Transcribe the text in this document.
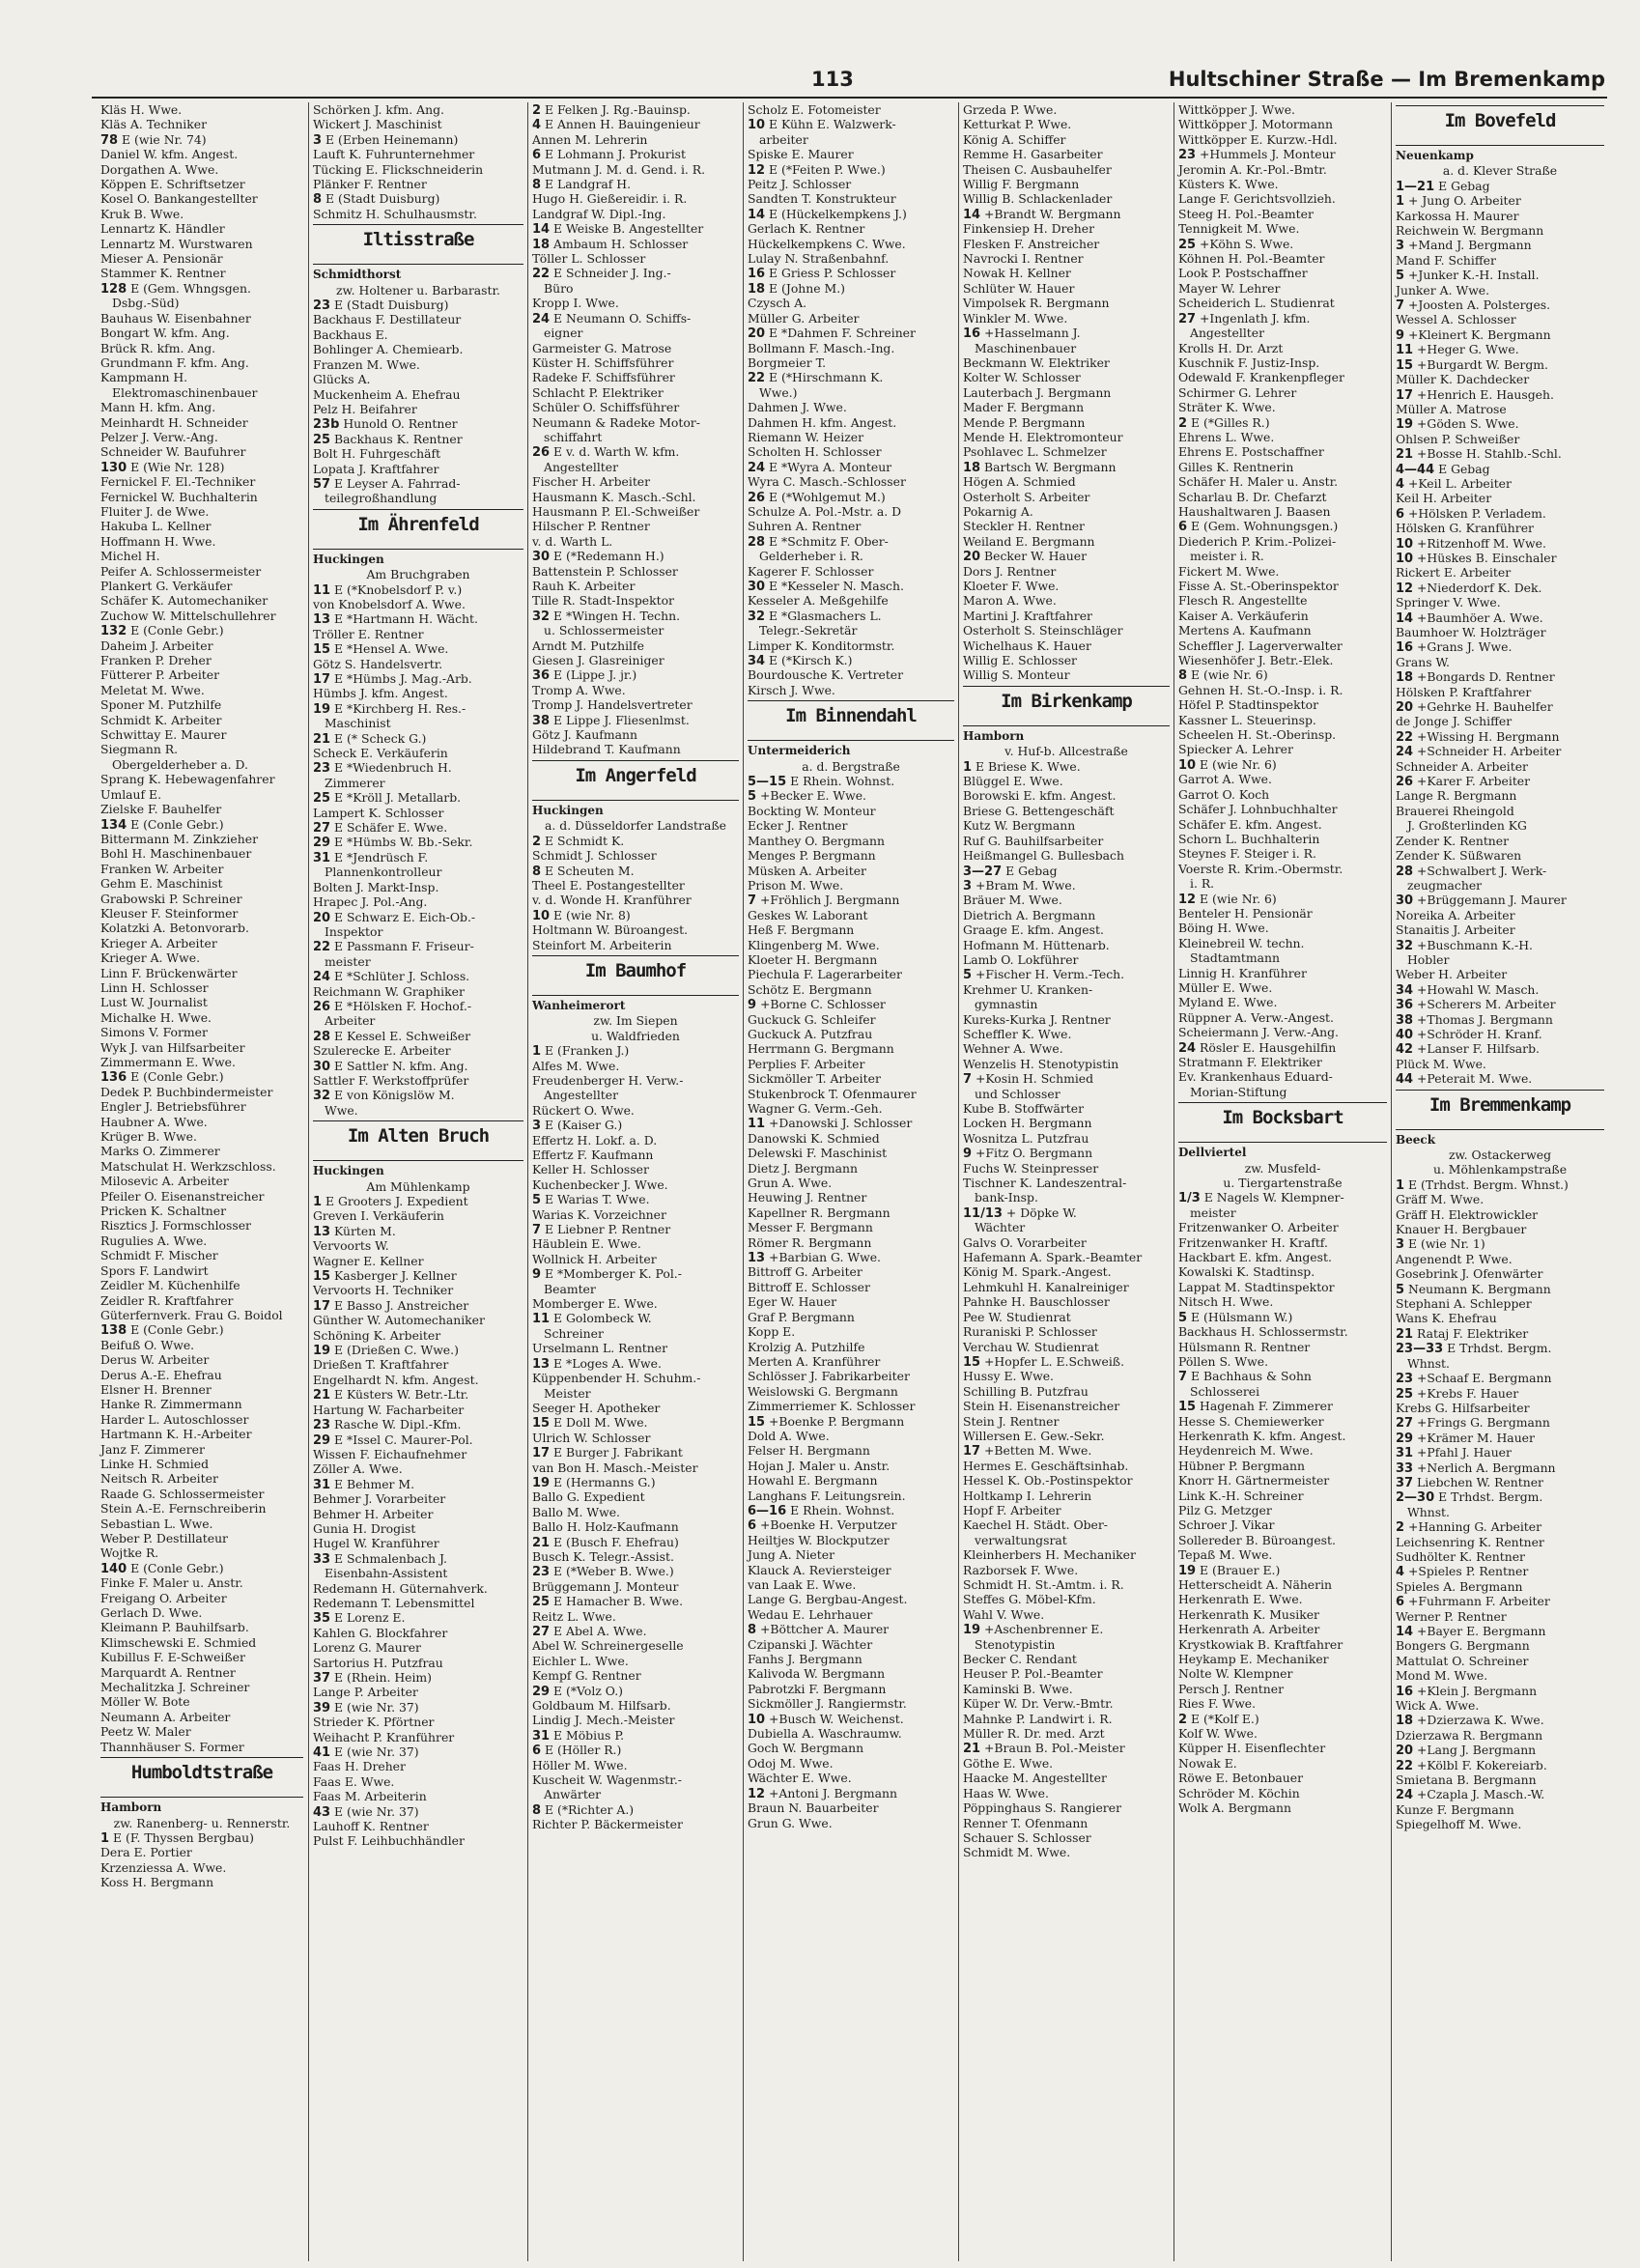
113	Hultschiner Straße — Im Bremenkamp
Kläs H. Wwe.
Kläs A. Techniker
78 E (wie Nr. 74)
Daniel W. kfm. Angest.
Dorgathen A. Wwe.
Köppen E. Schriftsetzer
Kosel O. Bankangestellter
Kruk B. Wwe.
Lennartz K. Händler
Lennartz M. Wurstwaren
Mieser A. Pensionär
Stammer K. Rentner
128 E (Gem. Whngsgen.
Dsbg.-Süd)
Bauhaus W. Eisenbahner
Bongart W. kfm. Ang.
Brück R. kfm. Ang.
Grundmann F. kfm. Ang.
Kampmann H.
Elektromaschinenbauer
Mann H. kfm. Ang.
Meinhardt H. Schneider
Pelzer J. Verw.-Ang.
Schneider W. Baufuhrer
130 E (Wie Nr. 128)
Fernickel F. El.-Techniker
Fernickel W. Buchhalterin
Fluiter J. de Wwe.
Hakuba L. Kellner
Hoffmann H. Wwe.
Michel H.
Peifer A. Schlossermeister
Plankert G. Verkäufer
Schäfer K. Automechaniker
Zuchow W. Mittelschullehrer
132 E (Conle Gebr.)
Daheim J. Arbeiter
Franken P. Dreher
Fütterer P. Arbeiter
Meletat M. Wwe.
Sponer M. Putzhilfe
Schmidt K. Arbeiter
Schwittay E. Maurer
Siegmann R.
Obergelderheber a. D.
Sprang K. Hebewagenfahrer
Umlauf E.
Zielske F. Bauhelfer
134 E (Conle Gebr.)
Bittermann M. Zinkzieher
Bohl H. Maschinenbauer
Franken W. Arbeiter
Gehm E. Maschinist
Grabowski P. Schreiner
Kleuser F. Steinformer
Kolatzki A. Betonvorarb.
Krieger A. Arbeiter
Krieger A. Wwe.
Linn F. Brückenwärter
Linn H. Schlosser
Lust W. Journalist
Michalke H. Wwe.
Simons V. Former
Wyk J. van Hilfsarbeiter
Zimmermann E. Wwe.
136 E (Conle Gebr.)
Dedek P. Buchbindermeister
Engler J. Betriebsführer
Haubner A. Wwe.
Krüger B. Wwe.
Marks O. Zimmerer
Matschulat H. Werkzschloss.
Milosevic A. Arbeiter
Pfeiler O. Eisenanstreicher
Pricken K. Schaltner
Risztics J. Formschlosser
Rugulies A. Wwe.
Schmidt F. Mischer
Spors F. Landwirt
Zeidler M. Küchenhilfe
Zeidler R. Kraftfahrer
Güterfernverk. Frau G. Boidol
138 E (Conle Gebr.)
Beifuß O. Wwe.
Derus W. Arbeiter
Derus A.-E. Ehefrau
Elsner H. Brenner
Hanke R. Zimmermann
Harder L. Autoschlosser
Hartmann K. H.-Arbeiter
Janz F. Zimmerer
Linke H. Schmied
Neitsch R. Arbeiter
Raade G. Schlossermeister
Stein A.-E. Fernschreiberin
Sebastian L. Wwe.
Weber P. Destillateur
Wojtke R.
140 E (Conle Gebr.)
Finke F. Maler u. Anstr.
Freigang O. Arbeiter
Gerlach D. Wwe.
Kleimann P. Bauhilfsarb.
Klimschewski E. Schmied
Kubillus F. E-Schweißer
Marquardt A. Rentner
Mechalitzka J. Schreiner
Möller W. Bote
Neumann A. Arbeiter
Peetz W. Maler
Thannhäuser S. Former
Humboldtstraße
Hamborn
zw. Ranenberg- u. Rennerstr.
1 E (F. Thyssen Bergbau)
Dera E. Portier
Krzenziessa A. Wwe.
Koss H. Bergmann
Schörken J. kfm. Ang.
Wickert J. Maschinist
3 E (Erben Heinemann)
Lauft K. Fuhrunternehmer
Tücking E. Flickschneiderin
Plänker F. Rentner
8 E (Stadt Duisburg)
Schmitz H. Schulhausmstr.
Iltisstraße
Schmidthorst
zw. Holtener u. Barbarastr.
23 E (Stadt Duisburg)
Backhaus F. Destillateur
Backhaus E.
Bohlinger A. Chemiearb.
Franzen M. Wwe.
Glücks A.
Muckenheim A. Ehefrau
Pelz H. Beifahrer
23b Hunold O. Rentner
25 Backhaus K. Rentner
Bolt H. Fuhrgeschäft
Lopata J. Kraftfahrer
57 E Leyser A. Fahrrad-
teilegroßhandlung
Im Ährenfeld
Huckingen
Am Bruchgraben
11 E (*Knobelsdorf P. v.)
von Knobelsdorf A. Wwe.
13 E *Hartmann H. Wächt.
Tröller E. Rentner
15 E *Hensel A. Wwe.
Götz S. Handelsvertr.
17 E *Hümbs J. Mag.-Arb.
Hümbs J. kfm. Angest.
19 E *Kirchberg H. Res.-
Maschinist
21 E (* Scheck G.)
Scheck E. Verkäuferin
23 E *Wiedenbruch H.
Zimmerer
25 E *Kröll J. Metallarb.
Lampert K. Schlosser
27 E Schäfer E. Wwe.
29 E *Hümbs W. Bb.-Sekr.
31 E *Jendrüsch F.
Plannenkontrolleur
Bolten J. Markt-Insp.
Hrapec J. Pol.-Ang.
20 E Schwarz E. Eich-Ob.-
Inspektor
22 E Passmann F. Friseur-
meister
24 E *Schlüter J. Schloss.
Reichmann W. Graphiker
26 E *Hölsken F. Hochof.-
Arbeiter
28 E Kessel E. Schweißer
Szulerecke E. Arbeiter
30 E Sattler N. kfm. Ang.
Sattler F. Werkstoffprüfer
32 E von Königslöw M.
Wwe.
Im Alten Bruch
Huckingen
Am Mühlenkamp
1 E Grooters J. Expedient
Greven I. Verkäuferin
13 Kürten M.
Vervoorts W.
Wagner E. Kellner
15 Kasberger J. Kellner
Vervoorts H. Techniker
17 E Basso J. Anstreicher
Günther W. Automechaniker
Schöning K. Arbeiter
19 E (Drießen C. Wwe.)
Drießen T. Kraftfahrer
Engelhardt N. kfm. Angest.
21 E Küsters W. Betr.-Ltr.
Hartung W. Facharbeiter
23 Rasche W. Dipl.-Kfm.
29 E *Issel C. Maurer-Pol.
Wissen F. Eichaufnehmer
Zöller A. Wwe.
31 E Behmer M.
Behmer J. Vorarbeiter
Behmer H. Arbeiter
Gunia H. Drogist
Hugel W. Kranführer
33 E Schmalenbach J.
Eisenbahn-Assistent
Redemann H. Güternahverk.
Redemann T. Lebensmittel
35 E Lorenz E.
Kahlen G. Blockfahrer
Lorenz G. Maurer
Sartorius H. Putzfrau
37 E (Rhein. Heim)
Lange P. Arbeiter
39 E (wie Nr. 37)
Strieder K. Pförtner
Weihacht P. Kranführer
41 E (wie Nr. 37)
Faas H. Dreher
Faas E. Wwe.
Faas M. Arbeiterin
43 E (wie Nr. 37)
Lauhoff K. Rentner
Pulst F. Leihbuchhändler
2 E Felken J. Rg.-Bauinsp.
4 E Annen H. Bauingenieur
Annen M. Lehrerin
6 E Lohmann J. Prokurist
Mutmann J. M. d. Gend. i. R.
8 E Landgraf H.
Hugo H. Gießereidir. i. R.
Landgraf W. Dipl.-Ing.
14 E Weiske B. Angestellter
18 Ambaum H. Schlosser
Töller L. Schlosser
22 E Schneider J. Ing.-
Büro
Kropp I. Wwe.
24 E Neumann O. Schiffs-
eigner
Garmeister G. Matrose
Küster H. Schiffsführer
Radeke F. Schiffsführer
Schlacht P. Elektriker
Schüler O. Schiffsführer
Neumann & Radeke Motor-
schiffahrt
26 E v. d. Warth W. kfm.
Angestellter
Fischer H. Arbeiter
Hausmann K. Masch.-Schl.
Hausmann P. El.-Schweißer
Hilscher P. Rentner
v. d. Warth L.
30 E (*Redemann H.)
Battenstein P. Schlosser
Rauh K. Arbeiter
Tille R. Stadt-Inspektor
32 E *Wingen H. Techn.
u. Schlossermeister
Arndt M. Putzhilfe
Giesen J. Glasreiniger
36 E (Lippe J. jr.)
Tromp A. Wwe.
Tromp J. Handelsvertreter
38 E Lippe J. Fliesenlmst.
Götz J. Kaufmann
Hildebrand T. Kaufmann
Im Angerfeld
Huckingen
a. d. Düsseldorfer Landstraße
2 E Schmidt K.
Schmidt J. Schlosser
8 E Scheuten M.
Theel E. Postangestellter
v. d. Wonde H. Kranführer
10 E (wie Nr. 8)
Holtmann W. Büroangest.
Steinfort M. Arbeiterin
Im Baumhof
Wanheimerort
zw. Im Siepen
u. Waldfrieden
1 E (Franken J.)
Alfes M. Wwe.
Freudenberger H. Verw.-
Angestellter
Rückert O. Wwe.
3 E (Kaiser G.)
Effertz H. Lokf. a. D.
Effertz F. Kaufmann
Keller H. Schlosser
Kuchenbecker J. Wwe.
5 E Warias T. Wwe.
Warias K. Vorzeichner
7 E Liebner P. Rentner
Häublein E. Wwe.
Wollnick H. Arbeiter
9 E *Momberger K. Pol.-
Beamter
Momberger E. Wwe.
11 E Golombeck W.
Schreiner
Urselmann L. Rentner
13 E *Loges A. Wwe.
Küppenbender H. Schuhm.-
Meister
Seeger H. Apotheker
15 E Doll M. Wwe.
Ulrich W. Schlosser
17 E Burger J. Fabrikant
van Bon H. Masch.-Meister
19 E (Hermanns G.)
Ballo G. Expedient
Ballo M. Wwe.
Ballo H. Holz-Kaufmann
21 E (Busch F. Ehefrau)
Busch K. Telegr.-Assist.
23 E (*Weber B. Wwe.)
Brüggemann J. Monteur
25 E Hamacher B. Wwe.
Reitz L. Wwe.
27 E Abel A. Wwe.
Abel W. Schreinergeselle
Eichler L. Wwe.
Kempf G. Rentner
29 E (*Volz O.)
Goldbaum M. Hilfsarb.
Lindig J. Mech.-Meister
31 E Möbius P.
6 E (Höller R.)
Höller M. Wwe.
Kuscheit W. Wagenmstr.-
Anwärter
8 E (*Richter A.)
Richter P. Bäckermeister
Scholz E. Fotomeister
10 E Kühn E. Walzwerk-
arbeiter
Spiske E. Maurer
12 E (*Feiten P. Wwe.)
Peitz J. Schlosser
Sandten T. Konstrukteur
14 E (Hückelkempkens J.)
Gerlach K. Rentner
Hückelkempkens C. Wwe.
Lulay N. Straßenbahnf.
16 E Griess P. Schlosser
18 E (Johne M.)
Czysch A.
Müller G. Arbeiter
20 E *Dahmen F. Schreiner
Bollmann F. Masch.-Ing.
Borgmeier T.
22 E (*Hirschmann K.
Wwe.)
Dahmen J. Wwe.
Dahmen H. kfm. Angest.
Riemann W. Heizer
Scholten H. Schlosser
24 E *Wyra A. Monteur
Wyra C. Masch.-Schlosser
26 E (*Wohlgemut M.)
Schulze A. Pol.-Mstr. a. D
Suhren A. Rentner
28 E *Schmitz F. Ober-
Gelderheber i. R.
Kagerer F. Schlosser
30 E *Kesseler N. Masch.
Kesseler A. Meßgehilfe
32 E *Glasmachers L.
Telegr.-Sekretär
Limper K. Konditormstr.
34 E (*Kirsch K.)
Bourdousche K. Vertreter
Kirsch J. Wwe.
Im Binnendahl
Untermeiderich
a. d. Bergstraße
5—15 E Rhein. Wohnst.
5 +Becker E. Wwe.
Bockting W. Monteur
Ecker J. Rentner
Manthey O. Bergmann
Menges P. Bergmann
Müsken A. Arbeiter
Prison M. Wwe.
7 +Fröhlich J. Bergmann
Geskes W. Laborant
Heß F. Bergmann
Klingenberg M. Wwe.
Kloeter H. Bergmann
Piechula F. Lagerarbeiter
Schötz E. Bergmann
9 +Borne C. Schlosser
Guckuck G. Schleifer
Guckuck A. Putzfrau
Herrmann G. Bergmann
Perplies F. Arbeiter
Sickmöller T. Arbeiter
Stukenbrock T. Ofenmaurer
Wagner G. Verm.-Geh.
11 +Danowski J. Schlosser
Danowski K. Schmied
Delewski F. Maschinist
Dietz J. Bergmann
Grun A. Wwe.
Heuwing J. Rentner
Kapellner R. Bergmann
Messer F. Bergmann
Römer R. Bergmann
13 +Barbian G. Wwe.
Bittroff G. Arbeiter
Bittroff E. Schlosser
Eger W. Hauer
Graf P. Bergmann
Kopp E.
Krolzig A. Putzhilfe
Merten A. Kranführer
Schlösser J. Fabrikarbeiter
Weislowski G. Bergmann
Zimmerriemer K. Schlosser
15 +Boenke P. Bergmann
Dold A. Wwe.
Felser H. Bergmann
Hojan J. Maler u. Anstr.
Howahl E. Bergmann
Langhans F. Leitungsrein.
6—16 E Rhein. Wohnst.
6 +Boenke H. Verputzer
Heiltjes W. Blockputzer
Jung A. Nieter
Klauck A. Reviersteiger
van Laak E. Wwe.
Lange G. Bergbau-Angest.
Wedau E. Lehrhauer
8 +Böttcher A. Maurer
Czipanski J. Wächter
Fanhs J. Bergmann
Kalivoda W. Bergmann
Pabrotzki F. Bergmann
Sickmöller J. Rangiermstr.
10 +Busch W. Weichenst.
Dubiella A. Waschraumw.
Goch W. Bergmann
Odoj M. Wwe.
Wächter E. Wwe.
12 +Antoni J. Bergmann
Braun N. Bauarbeiter
Grun G. Wwe.
Grzeda P. Wwe.
Ketturkat P. Wwe.
König A. Schiffer
Remme H. Gasarbeiter
Theisen C. Ausbauhelfer
Willig F. Bergmann
Willig B. Schlackenlader
14 +Brandt W. Bergmann
Finkensiep H. Dreher
Flesken F. Anstreicher
Navrocki I. Rentner
Nowak H. Kellner
Schlüter W. Hauer
Vimpolsek R. Bergmann
Winkler M. Wwe.
16 +Hasselmann J.
Maschinenbauer
Beckmann W. Elektriker
Kolter W. Schlosser
Lauterbach J. Bergmann
Mader F. Bergmann
Mende P. Bergmann
Mende H. Elektromonteur
Psohlavec L. Schmelzer
18 Bartsch W. Bergmann
Högen A. Schmied
Osterholt S. Arbeiter
Pokarnig A.
Steckler H. Rentner
Weiland E. Bergmann
20 Becker W. Hauer
Dors J. Rentner
Kloeter F. Wwe.
Maron A. Wwe.
Martini J. Kraftfahrer
Osterholt S. Steinschläger
Wichelhaus K. Hauer
Willig E. Schlosser
Willig S. Monteur
Im Birkenkamp
Hamborn
v. Huf-b. Allcestraße
1 E Briese K. Wwe.
Blüggel E. Wwe.
Borowski E. kfm. Angest.
Briese G. Bettengeschäft
Kutz W. Bergmann
Ruf G. Bauhilfsarbeiter
Heißmangel G. Bullesbach
3—27 E Gebag
3 +Bram M. Wwe.
Bräuer M. Wwe.
Dietrich A. Bergmann
Graage E. kfm. Angest.
Hofmann M. Hüttenarb.
Lamb O. Lokführer
5 +Fischer H. Verm.-Tech.
Krehmer U. Kranken-
gymnastin
Kureks-Kurka J. Rentner
Scheffler K. Wwe.
Wehner A. Wwe.
Wenzelis H. Stenotypistin
7 +Kosin H. Schmied
und Schlosser
Kube B. Stoffwärter
Locken H. Bergmann
Wosnitza L. Putzfrau
9 +Fitz O. Bergmann
Fuchs W. Steinpresser
Tischner K. Landeszentral-
bank-Insp.
11/13 + Döpke W.
Wächter
Galvs O. Vorarbeiter
Hafemann A. Spark.-Beamter
König M. Spark.-Angest.
Lehmkuhl H. Kanalreiniger
Pahnke H. Bauschlosser
Pee W. Studienrat
Ruraniski P. Schlosser
Verchau W. Studienrat
15 +Hopfer L. E.Schweiß.
Hussy E. Wwe.
Schilling B. Putzfrau
Stein H. Eisenanstreicher
Stein J. Rentner
Willersen E. Gew.-Sekr.
17 +Betten M. Wwe.
Hermes E. Geschäftsinhab.
Hessel K. Ob.-Postinspektor
Holtkamp I. Lehrerin
Hopf F. Arbeiter
Kaechel H. Städt. Ober-
verwaltungsrat
Kleinherbers H. Mechaniker
Razborsek F. Wwe.
Schmidt H. St.-Amtm. i. R.
Steffes G. Möbel-Kfm.
Wahl V. Wwe.
19 +Aschenbrenner E.
Stenotypistin
Becker C. Rendant
Heuser P. Pol.-Beamter
Kaminski B. Wwe.
Küper W. Dr. Verw.-Bmtr.
Mahnke P. Landwirt i. R.
Müller R. Dr. med. Arzt
21 +Braun B. Pol.-Meister
Göthe E. Wwe.
Haacke M. Angestellter
Haas W. Wwe.
Pöppinghaus S. Rangierer
Renner T. Ofenmann
Schauer S. Schlosser
Schmidt M. Wwe.
Wittköpper J. Wwe.
Wittköpper J. Motormann
Wittköpper E. Kurzw.-Hdl.
23 +Hummels J. Monteur
Jeromin A. Kr.-Pol.-Bmtr.
Küsters K. Wwe.
Lange F. Gerichtsvollzieh.
Steeg H. Pol.-Beamter
Tennigkeit M. Wwe.
25 +Köhn S. Wwe.
Köhnen H. Pol.-Beamter
Look P. Postschaffner
Mayer W. Lehrer
Scheiderich L. Studienrat
27 +Ingenlath J. kfm.
Angestellter
Krolls H. Dr. Arzt
Kuschnik F. Justiz-Insp.
Odewald F. Krankenpfleger
Schirmer G. Lehrer
Sträter K. Wwe.
2 E (*Gilles R.)
Ehrens L. Wwe.
Ehrens E. Postschaffner
Gilles K. Rentnerin
Schäfer H. Maler u. Anstr.
Scharlau B. Dr. Chefarzt
Haushaltwaren J. Baasen
6 E (Gem. Wohnungsgen.)
Diederich P. Krim.-Polizei-
meister i. R.
Fickert M. Wwe.
Fisse A. St.-Oberinspektor
Flesch R. Angestellte
Kaiser A. Verkäuferin
Mertens A. Kaufmann
Scheffler J. Lagerverwalter
Wiesenhöfer J. Betr.-Elek.
8 E (wie Nr. 6)
Gehnen H. St.-O.-Insp. i. R.
Höfel P. Stadtinspektor
Kassner L. Steuerinsp.
Scheelen H. St.-Oberinsp.
Spiecker A. Lehrer
10 E (wie Nr. 6)
Garrot A. Wwe.
Garrot O. Koch
Schäfer J. Lohnbuchhalter
Schäfer E. kfm. Angest.
Schorn L. Buchhalterin
Steynes F. Steiger i. R.
Voerste R. Krim.-Obermstr.
i. R.
12 E (wie Nr. 6)
Benteler H. Pensionär
Böing H. Wwe.
Kleinebreil W. techn.
Stadtamtmann
Linnig H. Kranführer
Müller E. Wwe.
Myland E. Wwe.
Rüppner A. Verw.-Angest.
Scheiermann J. Verw.-Ang.
24 Rösler E. Hausgehilfin
Stratmann F. Elektriker
Ev. Krankenhaus Eduard-
Morian-Stiftung
Im Bocksbart
Dellviertel
zw. Musfeld-
u. Tiergartenstraße
1/3 E Nagels W. Klempner-
meister
Fritzenwanker O. Arbeiter
Fritzenwanker H. Kraftf.
Hackbart E. kfm. Angest.
Kowalski K. Stadtinsp.
Lappat M. Stadtinspektor
Nitsch H. Wwe.
5 E (Hülsmann W.)
Backhaus H. Schlossermstr.
Hülsmann R. Rentner
Pöllen S. Wwe.
7 E Bachhaus & Sohn
Schlosserei
15 Hagenah F. Zimmerer
Hesse S. Chemiewerker
Herkenrath K. kfm. Angest.
Heydenreich M. Wwe.
Hübner P. Bergmann
Knorr H. Gärtnermeister
Link K.-H. Schreiner
Pilz G. Metzger
Schroer J. Vikar
Sollereder B. Büroangest.
Tepaß M. Wwe.
19 E (Brauer E.)
Hetterscheidt A. Näherin
Herkenrath E. Wwe.
Herkenrath K. Musiker
Herkenrath A. Arbeiter
Krystkowiak B. Kraftfahrer
Heykamp E. Mechaniker
Nolte W. Klempner
Persch J. Rentner
Ries F. Wwe.
2 E (*Kolf E.)
Kolf W. Wwe.
Küpper H. Eisenflechter
Nowak E.
Röwe E. Betonbauer
Schröder M. Köchin
Wolk A. Bergmann
Im Bovefeld
Neuenkamp
a. d. Klever Straße
1—21 E Gebag
1 + Jung O. Arbeiter
Karkossa H. Maurer
Reichwein W. Bergmann
3 +Mand J. Bergmann
Mand F. Schiffer
5 +Junker K.-H. Install.
Junker A. Wwe.
7 +Joosten A. Polsterges.
Wessel A. Schlosser
9 +Kleinert K. Bergmann
11 +Heger G. Wwe.
15 +Burgardt W. Bergm.
Müller K. Dachdecker
17 +Henrich E. Hausgeh.
Müller A. Matrose
19 +Göden S. Wwe.
Ohlsen P. Schweißer
21 +Bosse H. Stahlb.-Schl.
4—44 E Gebag
4 +Keil L. Arbeiter
Keil H. Arbeiter
6 +Hölsken P. Verladem.
Hölsken G. Kranführer
10 +Ritzenhoff M. Wwe.
10 +Hüskes B. Einschaler
Rickert E. Arbeiter
12 +Niederdorf K. Dek.
Springer V. Wwe.
14 +Baumhöer A. Wwe.
Baumhoer W. Holzträger
16 +Grans J. Wwe.
Grans W.
18 +Bongards D. Rentner
Hölsken P. Kraftfahrer
20 +Gehrke H. Bauhelfer
de Jonge J. Schiffer
22 +Wissing H. Bergmann
24 +Schneider H. Arbeiter
Schneider A. Arbeiter
26 +Karer F. Arbeiter
Lange R. Bergmann
Brauerei Rheingold
J. Großterlinden KG
Zender K. Rentner
Zender K. Süßwaren
28 +Schwalbert J. Werk-
zeugmacher
30 +Brüggemann J. Maurer
Noreika A. Arbeiter
Stanaitis J. Arbeiter
32 +Buschmann K.-H.
Hobler
Weber H. Arbeiter
34 +Howahl W. Masch.
36 +Scherers M. Arbeiter
38 +Thomas J. Bergmann
40 +Schröder H. Kranf.
42 +Lanser F. Hilfsarb.
Plück M. Wwe.
44 +Peterait M. Wwe.
Im Bremmenkamp
Beeck
zw. Ostackerweg
u. Möhlenkampstraße
1 E (Trhdst. Bergm. Whnst.)
Gräff M. Wwe.
Gräff H. Elektrowickler
Knauer H. Bergbauer
3 E (wie Nr. 1)
Angenendt P. Wwe.
Gosebrink J. Ofenwärter
5 Neumann K. Bergmann
Stephani A. Schlepper
Wans K. Ehefrau
21 Rataj F. Elektriker
23—33 E Trhdst. Bergm.
Whnst.
23 +Schaaf E. Bergmann
25 +Krebs F. Hauer
Krebs G. Hilfsarbeiter
27 +Frings G. Bergmann
29 +Krämer M. Hauer
31 +Pfahl J. Hauer
33 +Nerlich A. Bergmann
37 Liebchen W. Rentner
2—30 E Trhdst. Bergm.
Whnst.
2 +Hanning G. Arbeiter
Leichsenring K. Rentner
Sudhölter K. Rentner
4 +Spieles P. Rentner
Spieles A. Bergmann
6 +Fuhrmann F. Arbeiter
Werner P. Rentner
14 +Bayer E. Bergmann
Bongers G. Bergmann
Mattulat O. Schreiner
Mond M. Wwe.
16 +Klein J. Bergmann
Wick A. Wwe.
18 +Dzierzawa K. Wwe.
Dzierzawa R. Bergmann
20 +Lang J. Bergmann
22 +Kölbl F. Kokereiarb.
Smietana B. Bergmann
24 +Czapla J. Masch.-W.
Kunze F. Bergmann
Spiegelhoff M. Wwe.
